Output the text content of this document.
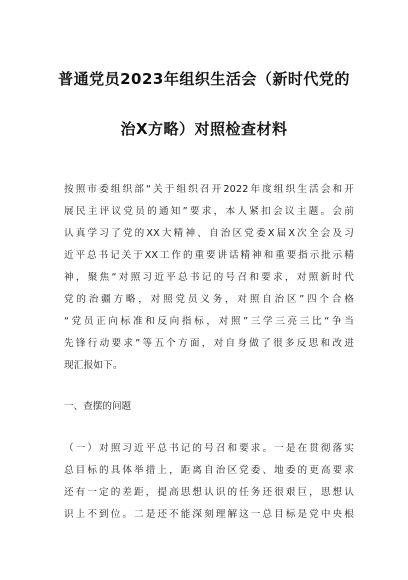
普通党员2023年组织生活会（新时代党的
治X方略）对照检查材料
按照市委组织部“关于组织召开2022年度组织生活会和开
展民主评议党员的通知”要求，本人紧扣会议主题。会前
认真学习了党的XX大精神、自治区党委X届X次全会及习
近平总书记关于XX工作的重要讲话精神和重要指示批示精
神，聚焦“对照习近平总书记的号召和要求，对照新时代
党的治疆方略，对照党员义务，对照自治区”四个合格
“党员正向标准和反向指标，对照”三学三亮三比“争当
先锋行动要求”等五个方面，对自身做了很多反思和改进
现汇报如下。
一、查摆的问题
（一）对照习近平总书记的号召和要求。一是在贯彻落实
总目标的具体举措上，距离自治区党委、地委的更高要求
还有一定的差距，提高思想认识的任务还很艰巨，思想认
识上不到位。二是还不能深刻理解这一总目标是党中央根
